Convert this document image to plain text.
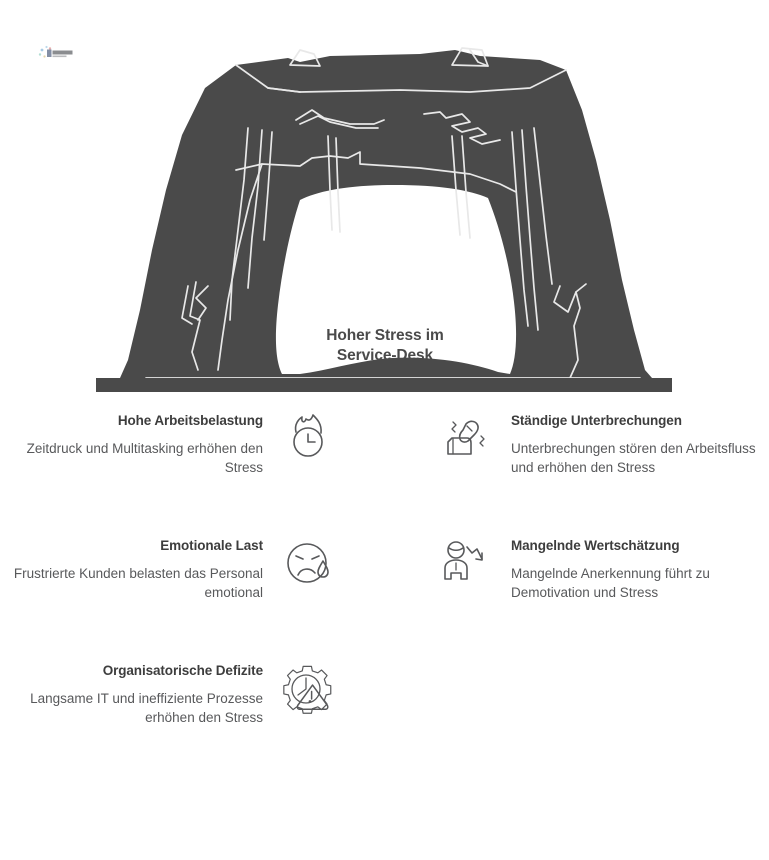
Hoher Stress im
Service-Desk

Hohe Arbeitsbelastung

Zeitdruck und Multitasking erhöhen den Stress

Ständige Unterbrechungen

Unterbrechungen stören den Arbeitsfluss und erhöhen den Stress

Emotionale Last

Frustrierte Kunden belasten das Personal emotional

Mangelnde Wertschätzung

Mangelnde Anerkennung führt zu Demotivation und Stress

Organisatorische Defizite

Langsame IT und ineffiziente Prozesse erhöhen den Stress
